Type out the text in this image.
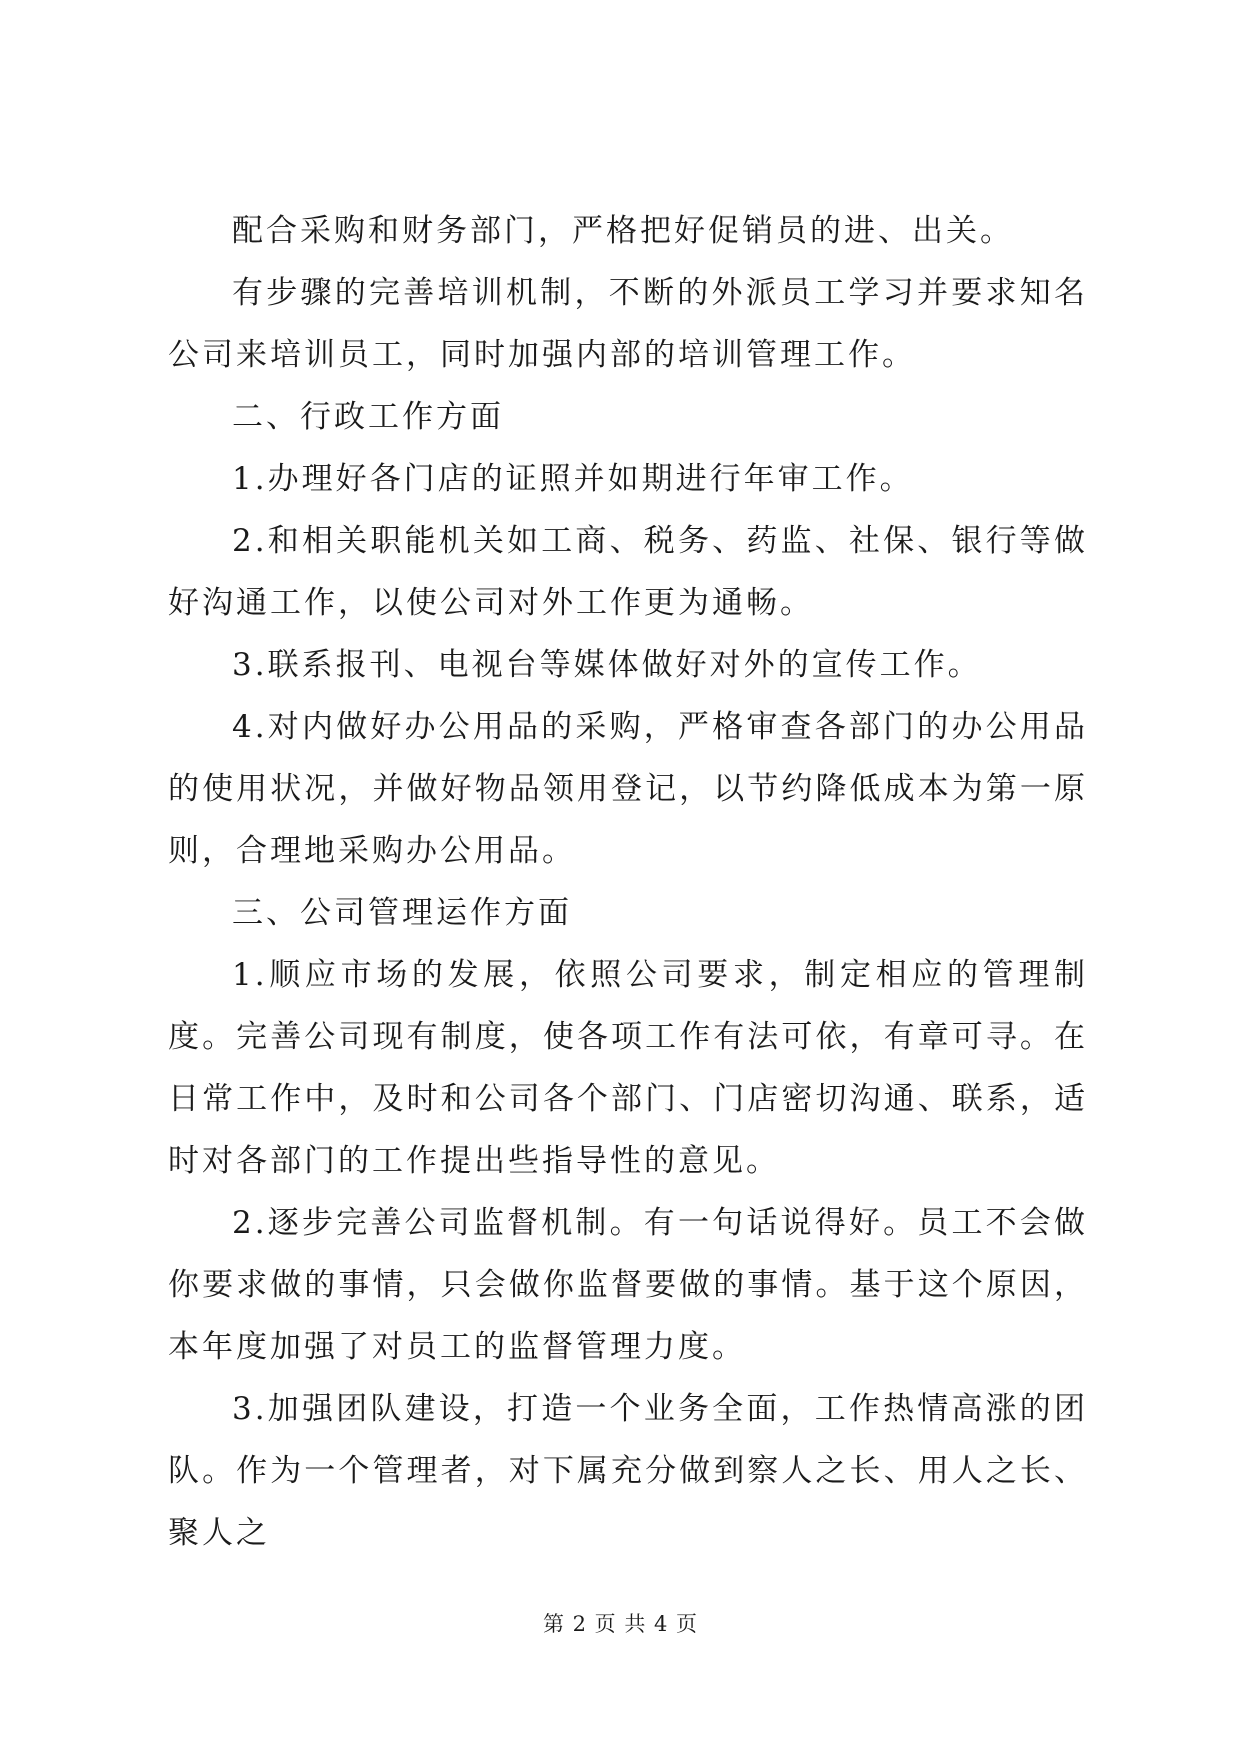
配合采购和财务部门，严格把好促销员的进、出关。

有步骤的完善培训机制，不断的外派员工学习并要求知名公司来培训员工，同时加强内部的培训管理工作。

二、行政工作方面

1.办理好各门店的证照并如期进行年审工作。

2.和相关职能机关如工商、税务、药监、社保、银行等做好沟通工作，以使公司对外工作更为通畅。

3.联系报刊、电视台等媒体做好对外的宣传工作。

4.对内做好办公用品的采购，严格审查各部门的办公用品的使用状况，并做好物品领用登记，以节约降低成本为第一原则，合理地采购办公用品。

三、公司管理运作方面

1.顺应市场的发展，依照公司要求，制定相应的管理制度。完善公司现有制度，使各项工作有法可依，有章可寻。在日常工作中，及时和公司各个部门、门店密切沟通、联系，适时对各部门的工作提出些指导性的意见。

2.逐步完善公司监督机制。有一句话说得好。员工不会做你要求做的事情，只会做你监督要做的事情。基于这个原因，本年度加强了对员工的监督管理力度。

3.加强团队建设，打造一个业务全面，工作热情高涨的团队。作为一个管理者，对下属充分做到察人之长、用人之长、聚人之

第 2 页 共 4 页
